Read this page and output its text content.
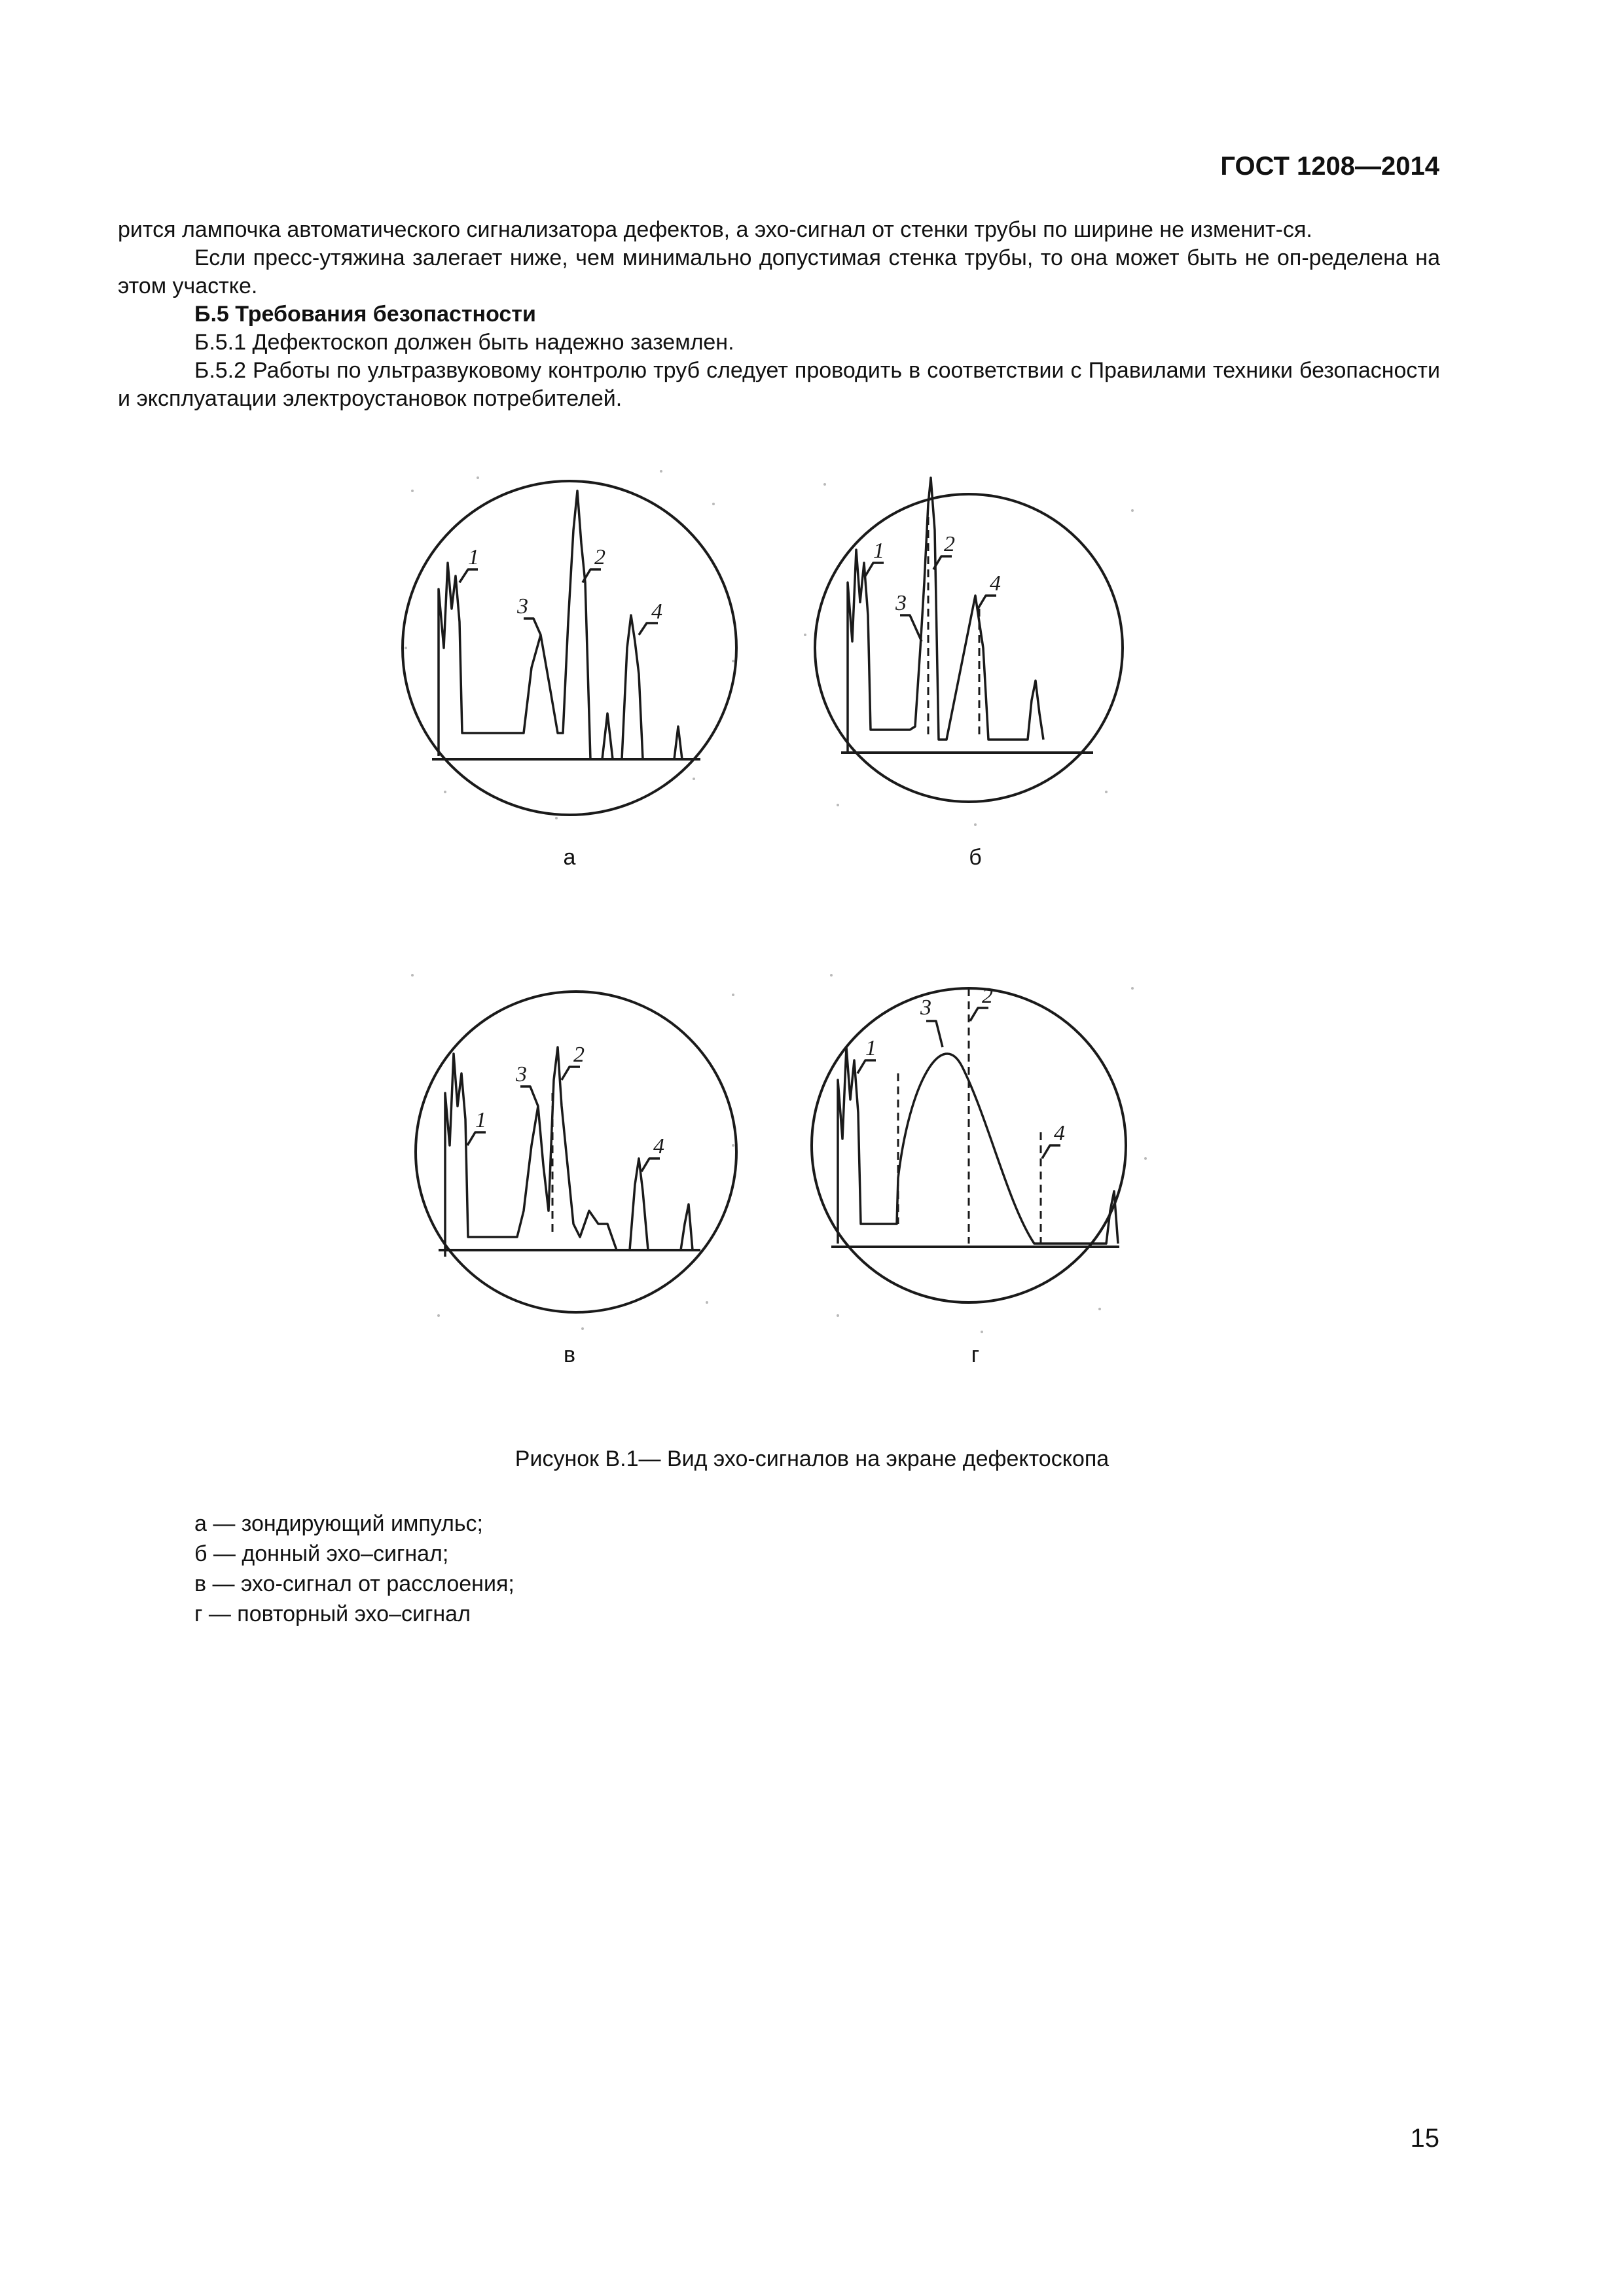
ГОСТ 1208—2014

рится лампочка автоматического сигнализатора дефектов, а эхо-сигнал от стенки трубы по ширине не изменит-ся.

Если пресс-утяжина залегает ниже, чем минимально допустимая стенка трубы, то она может быть не оп-ределена на этом участке.

Б.5 Требования безопастности

Б.5.1 Дефектоскоп должен быть надежно заземлен.

Б.5.2 Работы по ультразвуковому контролю труб следует проводить в соответствии с Правилами техники безопасности и эксплуатации электроустановок потребителей.

1	2
3	4
а
1	2
3
4
б
1
2
3
4
в
1
2
3
4
г
Рисунок В.1— Вид эхо-сигналов на экране дефектоскопа
а — зондирующий импульс;
б — донный эхо–сигнал;
в — эхо-сигнал от расслоения;
г — повторный эхо–сигнал
15
